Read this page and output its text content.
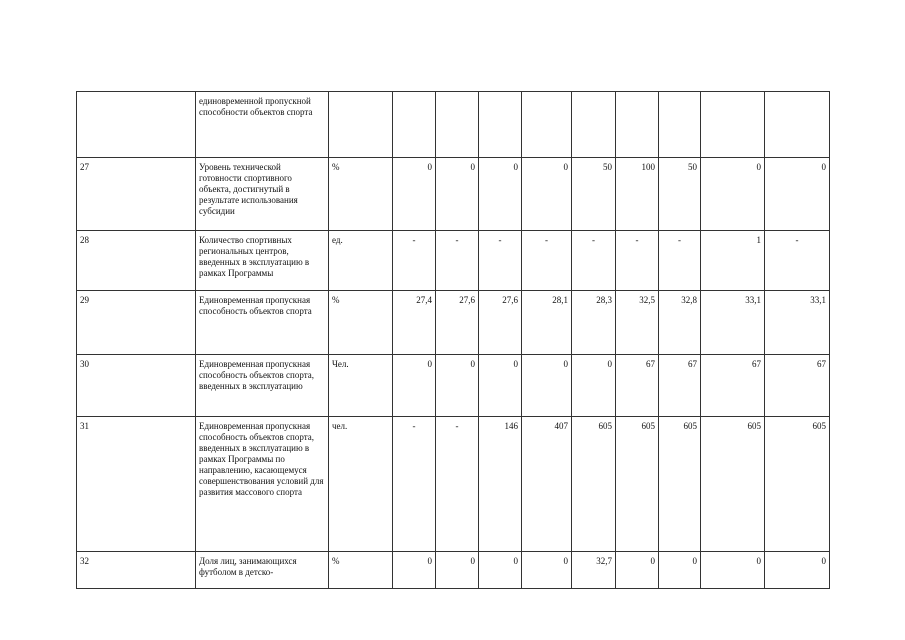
	единовременной пропускной способности объектов спорта										
27	Уровень технической готовности спортивного объекта, достигнутый в результате использования субсидии	%	0	0	0	0	50	100	50	0	0
28	Количество спортивных региональных центров, введенных в эксплуатацию в рамках Программы	ед.	-	-	-	-	-	-	-	1	-
29	Единовременная пропускная способность объектов спорта	%	27,4	27,6	27,6	28,1	28,3	32,5	32,8	33,1	33,1
30	Единовременная пропускная способность объектов спорта, введенных в эксплуатацию	Чел.	0	0	0	0	0	67	67	67	67
31	Единовременная пропускная способность объектов спорта, введенных в эксплуатацию в рамках Программы по направлению, касающемуся совершенствования условий для развития массового спорта	чел.	-	-	146	407	605	605	605	605	605
32	Доля лиц, занимающихся футболом в детско-	%	0	0	0	0	32,7	0	0	0	0
